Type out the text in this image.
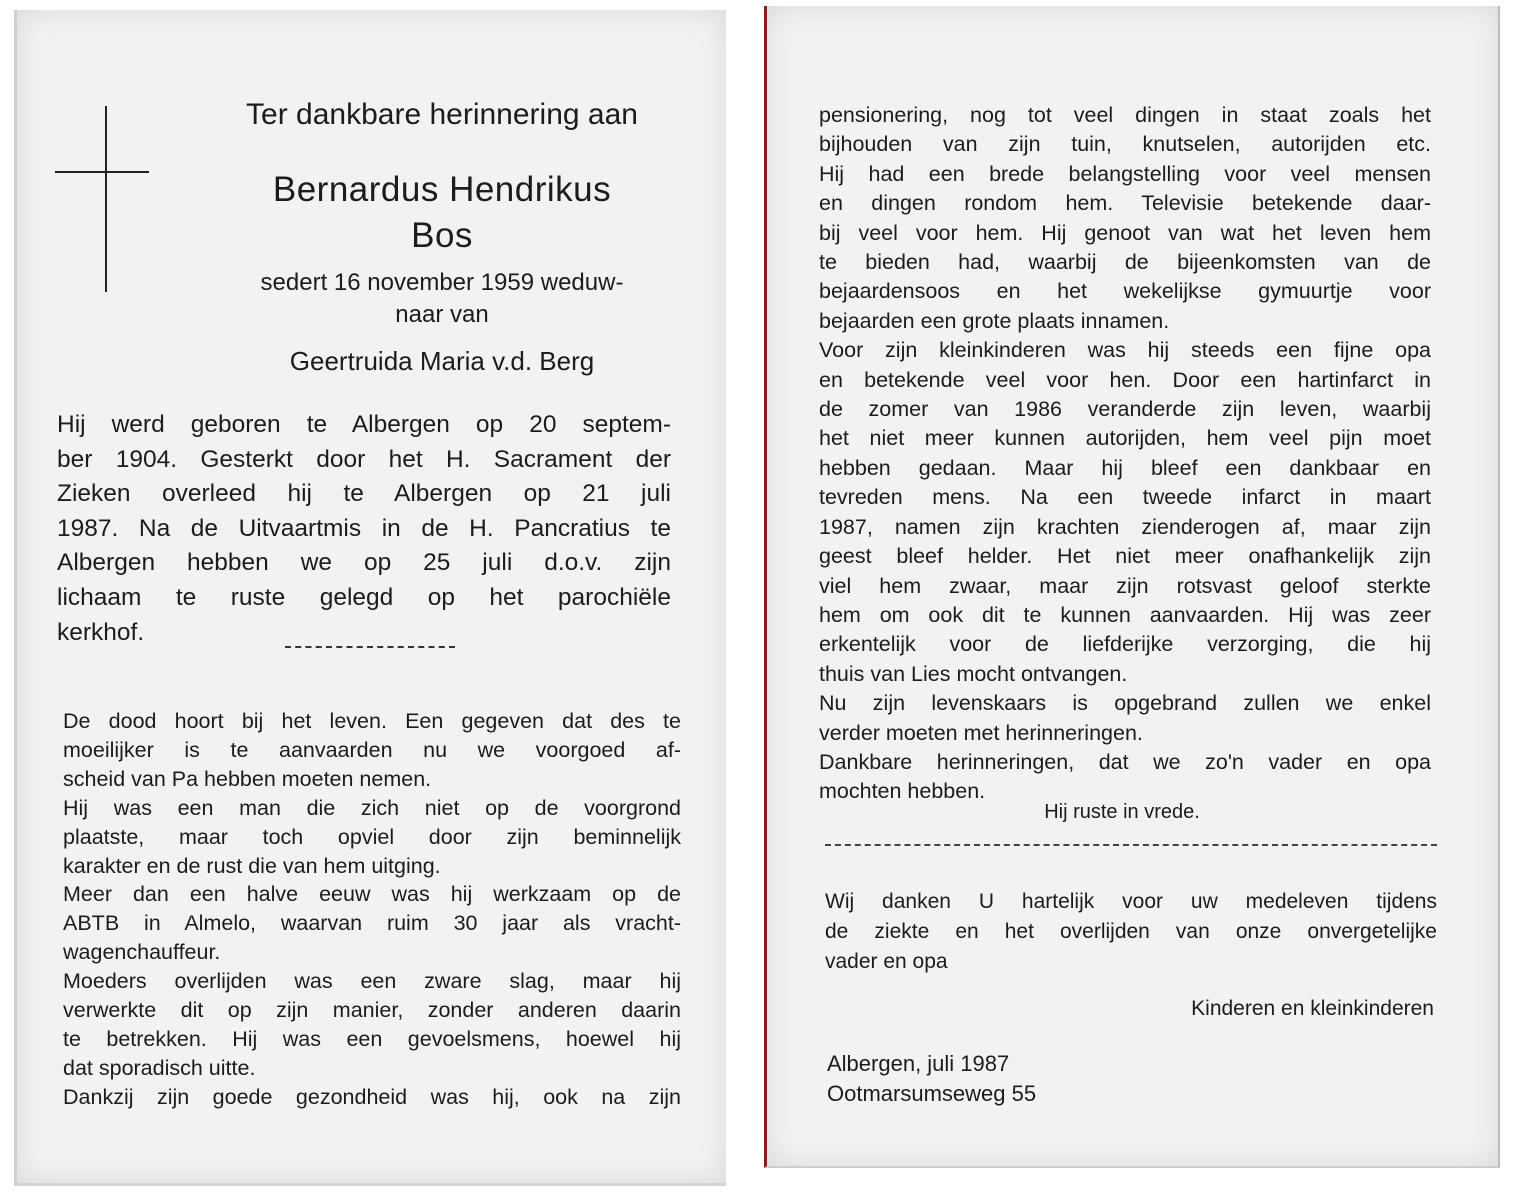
Ter dankbare herinnering aan
Bernardus Hendrikus
Bos
sedert 16 november 1959 weduw-
naar van
Geertruida Maria v.d. Berg
Hij werd geboren te Albergen op 20 septem-
ber 1904. Gesterkt door het H. Sacrament der
Zieken overleed hij te Albergen op 21 juli
1987. Na de Uitvaartmis in de H. Pancratius te
Albergen hebben we op 25 juli d.o.v. zijn
lichaam te ruste gelegd op het parochiële
kerkhof.
De dood hoort bij het leven. Een gegeven dat des te
moeilijker is te aanvaarden nu we voorgoed af-
scheid van Pa hebben moeten nemen.
Hij was een man die zich niet op de voorgrond
plaatste, maar toch opviel door zijn beminnelijk
karakter en de rust die van hem uitging.
Meer dan een halve eeuw was hij werkzaam op de
ABTB in Almelo, waarvan ruim 30 jaar als vracht-
wagenchauffeur.
Moeders overlijden was een zware slag, maar hij
verwerkte dit op zijn manier, zonder anderen daarin
te betrekken. Hij was een gevoelsmens, hoewel hij
dat sporadisch uitte.
Dankzij zijn goede gezondheid was hij, ook na zijn
pensionering, nog tot veel dingen in staat zoals het
bijhouden van zijn tuin, knutselen, autorijden etc.
Hij had een brede belangstelling voor veel mensen
en dingen rondom hem. Televisie betekende daar-
bij veel voor hem. Hij genoot van wat het leven hem
te bieden had, waarbij de bijeenkomsten van de
bejaardensoos en het wekelijkse gymuurtje voor
bejaarden een grote plaats innamen.
Voor zijn kleinkinderen was hij steeds een fijne opa
en betekende veel voor hen. Door een hartinfarct in
de zomer van 1986 veranderde zijn leven, waarbij
het niet meer kunnen autorijden, hem veel pijn moet
hebben gedaan. Maar hij bleef een dankbaar en
tevreden mens. Na een tweede infarct in maart
1987, namen zijn krachten zienderogen af, maar zijn
geest bleef helder. Het niet meer onafhankelijk zijn
viel hem zwaar, maar zijn rotsvast geloof sterkte
hem om ook dit te kunnen aanvaarden. Hij was zeer
erkentelijk voor de liefderijke verzorging, die hij
thuis van Lies mocht ontvangen.
Nu zijn levenskaars is opgebrand zullen we enkel
verder moeten met herinneringen.
Dankbare herinneringen, dat we zo'n vader en opa
mochten hebben.
Hij ruste in vrede.
Wij danken U hartelijk voor uw medeleven tijdens
de ziekte en het overlijden van onze onvergetelijke
vader en opa
Kinderen en kleinkinderen
Albergen, juli 1987
Ootmarsumseweg 55
